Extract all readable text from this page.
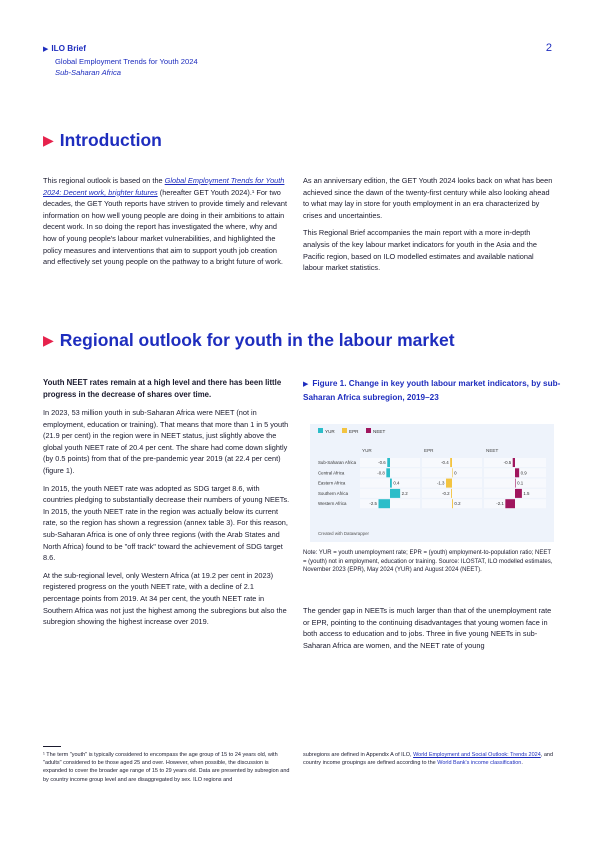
▶ ILO Brief
Global Employment Trends for Youth 2024
Sub-Saharan Africa
2
▶ Introduction

This regional outlook is based on the Global Employment Trends for Youth 2024: Decent work, brighter futures (hereafter GET Youth 2024).¹ For two decades, the GET Youth reports have striven to provide timely and relevant information on how well young people are doing in their ambitions to attain decent work. In so doing the report has investigated the where, why and how of young people's labour market vulnerabilities, and highlighted the policy measures and interventions that aim to support youth job creation and effectively set young people on the pathway to a bright future of work.

As an anniversary edition, the GET Youth 2024 looks back on what has been achieved since the dawn of the twenty-first century while also looking ahead to what may lay in store for youth employment in an era characterized by crises and uncertainties.

This Regional Brief accompanies the main report with a more in-depth analysis of the key labour market indicators for youth in the Asia and the Pacific region, based on ILO modelled estimates and available national labour market statistics.

▶ Regional outlook for youth in the labour market

Youth NEET rates remain at a high level and there has been little progress in the decrease of shares over time.

In 2023, 53 million youth in sub-Saharan Africa were NEET (not in employment, education or training). That means that more than 1 in 5 youth (21.9 per cent) in the region were in NEET status, just slightly above the global youth NEET rate of 20.4 per cent. The share had come down slightly (by 0.5 points) from that of the pre-pandemic year 2019 (at 22.4 per cent) (figure 1).

In 2015, the youth NEET rate was adopted as SDG target 8.6, with countries pledging to substantially decrease their numbers of young NEETs. In 2015, the youth NEET rate in the region was actually below its current rate, so the region has shown a regression (annex table 3). For this reason, sub-Saharan Africa is one of only three regions (with the Arab States and North Africa) found to be "off track" toward the achievement of SDG target 8.6.

At the sub-regional level, only Western Africa (at 19.2 per cent in 2023) registered progress on the youth NEET rate, with a decline of 2.1 percentage points from 2019. At 34 per cent, the youth NEET rate in Southern Africa was not just the highest among the subregions but also the subregion showing the highest increase over 2019.

▶ Figure 1. Change in key youth labour market indicators, by sub-Saharan Africa subregion, 2019–23
YUR	EPR	NEET
YUR
-0.6
-0.8
0.4
2.2
-2.5
EPR
-0.4
0
-1.3
-0.2
0.2
NEET
-0.5
0.9
0.1
1.5
-2.1
Sub-Saharan Africa
Central Africa
Eastern Africa
Southern Africa
Western Africa
Created with Datawrapper
Note: YUR = youth unemployment rate; EPR = (youth) employment-to-population ratio; NEET = (youth) not in employment, education or training. Source: ILOSTAT, ILO modelled estimates, November 2023 (EPR), May 2024 (YUR) and August 2024 (NEET).

The gender gap in NEETs is much larger than that of the unemployment rate or EPR, pointing to the continuing disadvantages that young women face in both access to education and to jobs. Three in five young NEETs in sub-Saharan Africa are women, and the NEET rate of young

¹ The term "youth" is typically considered to encompass the age group of 15 to 24 years old, with "adults" considered to be those aged 25 and over. However, when possible, the discussion is expanded to cover the broader age range of 15 to 29 years old. Data are presented by subregion and by country income group level and are disaggregated by sex. ILO regions and
subregions are defined in Appendix A of ILO, World Employment and Social Outlook: Trends 2024, and country income groupings are defined according to the World Bank's income classification.
